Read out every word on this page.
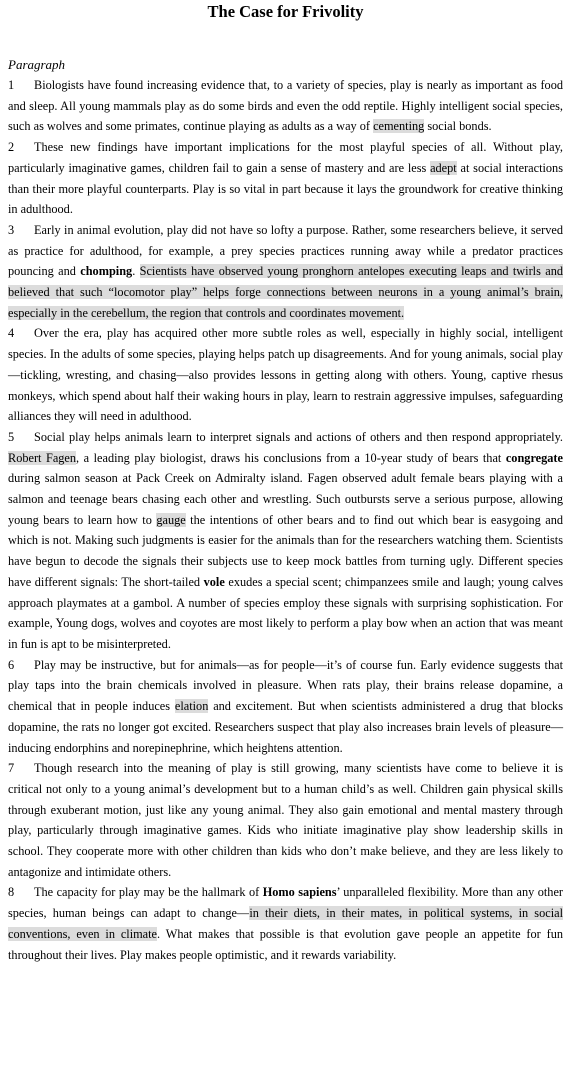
The Case for Frivolity
Paragraph

1 Biologists have found increasing evidence that, to a variety of species, play is nearly as important as food and sleep. All young mammals play as do some birds and even the odd reptile. Highly intelligent social species, such as wolves and some primates, continue playing as adults as a way of cementing social bonds.

2 These new findings have important implications for the most playful species of all. Without play, particularly imaginative games, children fail to gain a sense of mastery and are less adept at social interactions than their more playful counterparts. Play is so vital in part because it lays the groundwork for creative thinking in adulthood.

3 Early in animal evolution, play did not have so lofty a purpose. Rather, some researchers believe, it served as practice for adulthood, for example, a prey species practices running away while a predator practices pouncing and chomping. Scientists have observed young pronghorn antelopes executing leaps and twirls and believed that such “locomotor play” helps forge connections between neurons in a young animal’s brain, especially in the cerebellum, the region that controls and coordinates movement.

4 Over the era, play has acquired other more subtle roles as well, especially in highly social, intelligent species. In the adults of some species, playing helps patch up disagreements. And for young animals, social play—tickling, wresting, and chasing—also provides lessons in getting along with others. Young, captive rhesus monkeys, which spend about half their waking hours in play, learn to restrain aggressive impulses, safeguarding alliances they will need in adulthood.

5 Social play helps animals learn to interpret signals and actions of others and then respond appropriately. Robert Fagen, a leading play biologist, draws his conclusions from a 10-year study of bears that congregate during salmon season at Pack Creek on Admiralty island. Fagen observed adult female bears playing with a salmon and teenage bears chasing each other and wrestling. Such outbursts serve a serious purpose, allowing young bears to learn how to gauge the intentions of other bears and to find out which bear is easygoing and which is not. Making such judgments is easier for the animals than for the researchers watching them. Scientists have begun to decode the signals their subjects use to keep mock battles from turning ugly. Different species have different signals: The short-tailed vole exudes a special scent; chimpanzees smile and laugh; young calves approach playmates at a gambol. A number of species employ these signals with surprising sophistication. For example, Young dogs, wolves and coyotes are most likely to perform a play bow when an action that was meant in fun is apt to be misinterpreted.

6 Play may be instructive, but for animals—as for people—it’s of course fun. Early evidence suggests that play taps into the brain chemicals involved in pleasure. When rats play, their brains release dopamine, a chemical that in people induces elation and excitement. But when scientists administered a drug that blocks dopamine, the rats no longer got excited. Researchers suspect that play also increases brain levels of pleasure—inducing endorphins and norepinephrine, which heightens attention.

7 Though research into the meaning of play is still growing, many scientists have come to believe it is critical not only to a young animal’s development but to a human child’s as well. Children gain physical skills through exuberant motion, just like any young animal. They also gain emotional and mental mastery through play, particularly through imaginative games. Kids who initiate imaginative play show leadership skills in school. They cooperate more with other children than kids who don’t make believe, and they are less likely to antagonize and intimidate others.

8 The capacity for play may be the hallmark of Homo sapiens’ unparalleled flexibility. More than any other species, human beings can adapt to change—in their diets, in their mates, in political systems, in social conventions, even in climate. What makes that possible is that evolution gave people an appetite for fun throughout their lives. Play makes people optimistic, and it rewards variability.
